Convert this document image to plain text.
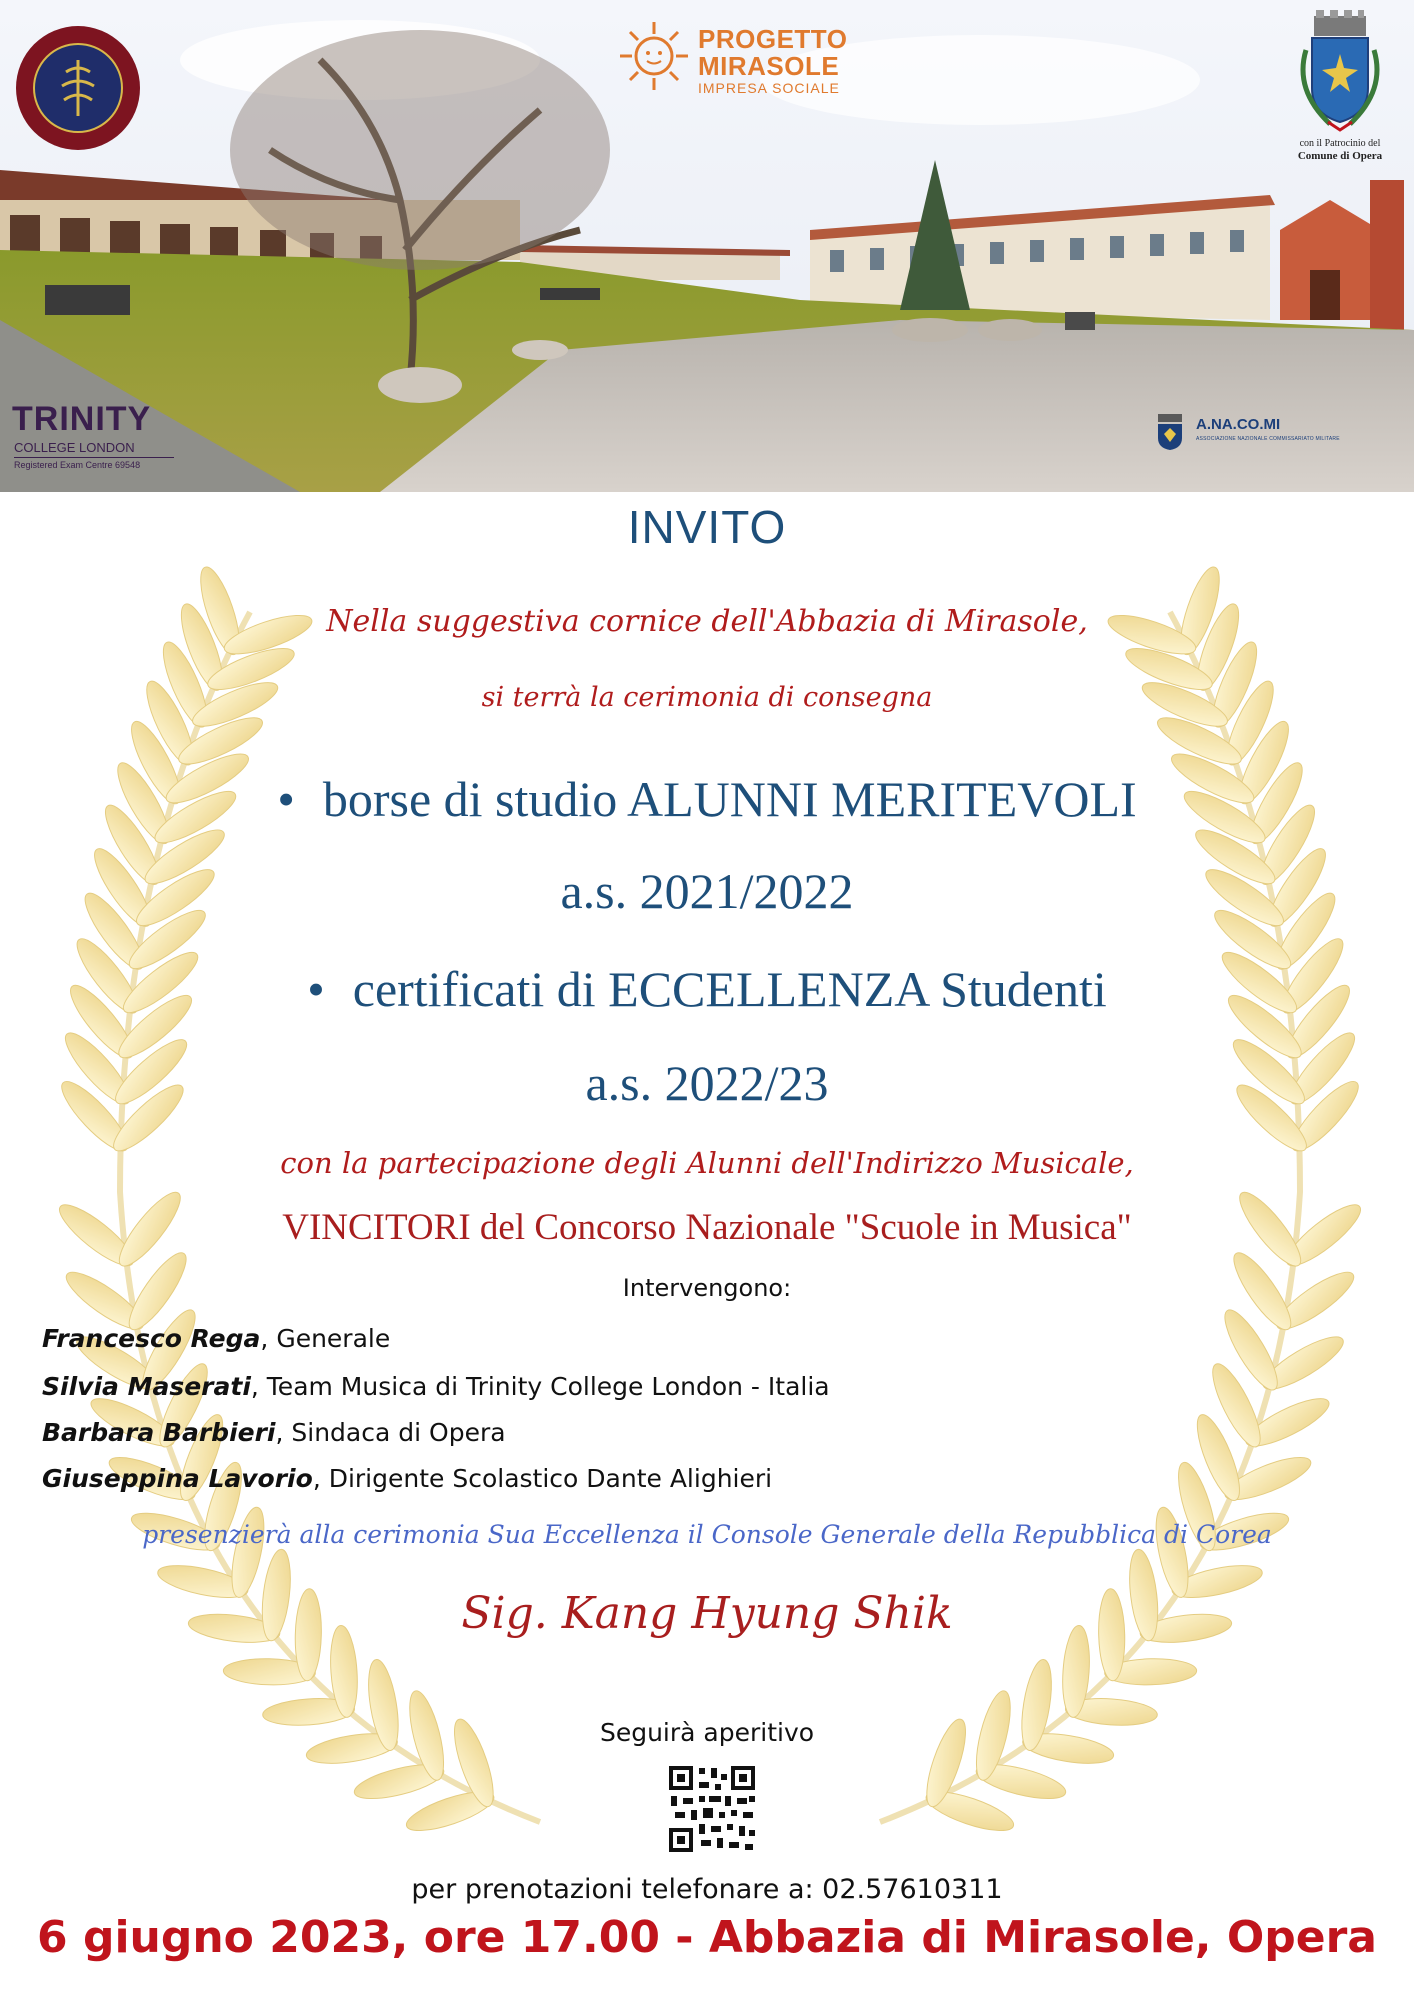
PROGETTO
MIRASOLE
IMPRESA SOCIALE
con il Patrocinio del
Comune di Opera
TRINITY
COLLEGE LONDON
Registered Exam Centre 69548
A.NA.CO.MI
ASSOCIAZIONE NAZIONALE COMMISSARIATO MILITARE
INVITO
Nella suggestiva cornice dell'Abbazia di Mirasole,
si terrà la cerimonia di consegna
• borse di studio ALUNNI MERITEVOLI
a.s. 2021/2022
• certificati di ECCELLENZA Studenti
a.s. 2022/23
con la partecipazione degli Alunni dell'Indirizzo Musicale,
VINCITORI del Concorso Nazionale "Scuole in Musica"
Intervengono:
Francesco Rega, Generale
Silvia Maserati, Team Musica di Trinity College London - Italia
Barbara Barbieri, Sindaca di Opera
Giuseppina Lavorio, Dirigente Scolastico Dante Alighieri
presenzierà alla cerimonia Sua Eccellenza il Console Generale della Repubblica di Corea
Sig. Kang Hyung Shik
Seguirà aperitivo
per prenotazioni telefonare a: 02.57610311
6 giugno 2023, ore 17.00 - Abbazia di Mirasole, Opera
